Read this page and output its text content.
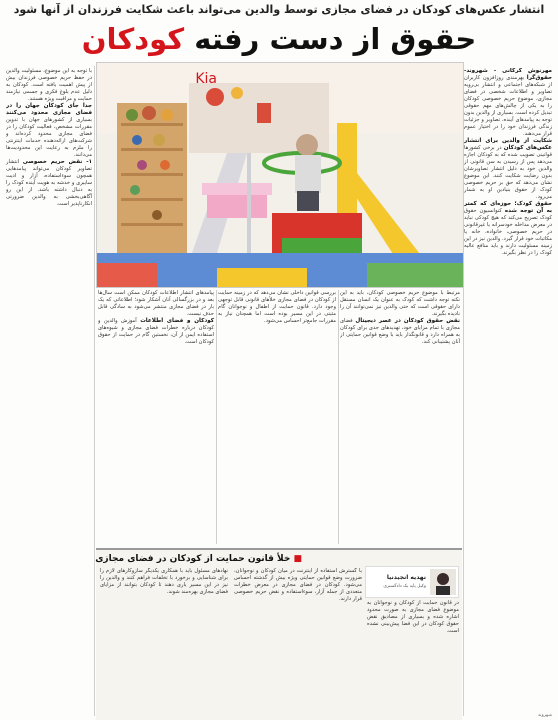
انتشار عکس‌های کودکان در فضای مجازی توسط والدین می‌تواند باعث شکایت فرزندان از آنها شود
حقوق از دست رفته کودکان
مهرنوش کرکانی - شهروند- حقوق‌گرا بهرمندی روزافزون کاربران از شبکه‌های اجتماعی و انتشار بی‌رویه تصاویر و اطلاعات شخصی در فضای مجازی، موضوع حریم خصوصی کودکان را به یکی از چالش‌های مهم حقوقی تبدیل کرده است. بسیاری از والدین بدون توجه به پیامدهای آینده، تصاویر و جزئیات زندگی فرزندان خود را در اختیار عموم قرار می‌دهند.
شکایت از والدین برای انتشار عکس‌های کودکان در برخی کشورها قوانینی تصویب شده که به کودکان اجازه می‌دهد پس از رسیدن به سن قانونی از والدین خود به دلیل انتشار تصاویرشان بدون رضایت شکایت کنند. این موضوع نشان می‌دهد که حق بر حریم خصوصی کودک از حقوق بنیادین او به شمار می‌رود.
حقوق کودک؛ حوزه‌ای که کمتر به آن توجه شده کنوانسیون حقوق کودک تصریح می‌کند که هیچ کودکی نباید در معرض مداخله خودسرانه یا غیرقانونی در حریم خصوصی، خانواده، خانه یا مکاتبات خود قرار گیرد. والدین نیز در این زمینه مسئولیت دارند و باید منافع عالیه کودک را در نظر بگیرند.
با توجه به این موضوع، مسئولیت والدین در حفظ حریم خصوصی فرزندان بیش از پیش اهمیت یافته است. کودکان به دلیل عدم بلوغ فکری و جسمی نیازمند حمایت و مراقبت ویژه هستند.
جدا جای کودکان جهان را در فضای مجازی محدود می‌کنند بسیاری از کشورهای جهان با تدوین مقررات مشخص، فعالیت کودکان را در فضای مجازی محدود کرده‌اند و شرکت‌های ارائه‌دهنده خدمات اینترنتی را ملزم به رعایت این محدودیت‌ها می‌دانند.
۱- نقض حریم خصوصی انتشار تصاویر کودکان می‌تواند پیامدهایی همچون سوءاستفاده، آزار و اذیت سایبری و خدشه به هویت آینده کودک را به دنبال داشته باشد. از این رو آگاهی‌بخشی به والدین ضرورتی انکارناپذیر است.
Kia
مرتبط با موضوع حریم خصوصی کودکان، باید به این نکته توجه داشت که کودک به عنوان یک انسان مستقل دارای حقوقی است که حتی والدین نیز نمی‌توانند آن را نادیده بگیرند.
نقض حقوق کودکان در عصر دیجیتال فضای مجازی با تمام مزایای خود، تهدیدهای جدی برای کودکان به همراه دارد و قانونگذار باید با وضع قوانین حمایتی از آنان پشتیبانی کند.
بررسی قوانین داخلی نشان می‌دهد که در زمینه حمایت از کودکان در فضای مجازی خلأهای قانونی قابل توجهی وجود دارد. قانون حمایت از اطفال و نوجوانان گام مثبتی در این مسیر بوده است اما همچنان نیاز به مقررات جامع‌تر احساس می‌شود.
پیامدهای انتشار اطلاعات کودکان ممکن است سال‌ها بعد و در بزرگسالی آنان آشکار شود؛ اطلاعاتی که یک بار در فضای مجازی منتشر می‌شود به سادگی قابل حذف نیست.
کودکان و فضای اطلاعات آموزش والدین و کودکان درباره خطرات فضای مجازی و شیوه‌های استفاده ایمن از آن، نخستین گام در حمایت از حقوق کودکان است.
■ خلأ قانون حمایت از کودکان در فضای مجازی
نهدیه انجیدنیا
وکیل پایه یک دادگستری
در قانون حمایت از کودکان و نوجوانان به موضوع فضای مجازی به صورت محدود اشاره شده و بسیاری از مصادیق نقض حقوق کودکان در این فضا پیش‌بینی نشده است.
با گسترش استفاده از اینترنت در میان کودکان و نوجوانان، ضرورت وضع قوانین حمایتی ویژه بیش از گذشته احساس می‌شود. کودکان در فضای مجازی در معرض خطرات متعددی از جمله آزار، سوءاستفاده و نقض حریم خصوصی قرار دارند.
نهادهای مسئول باید با همکاری یکدیگر سازوکارهای لازم را برای شناسایی و برخورد با تخلفات فراهم کنند و والدین را نیز در این مسیر یاری دهند تا کودکان بتوانند از مزایای فضای مجازی بهره‌مند شوند.
شهروند
